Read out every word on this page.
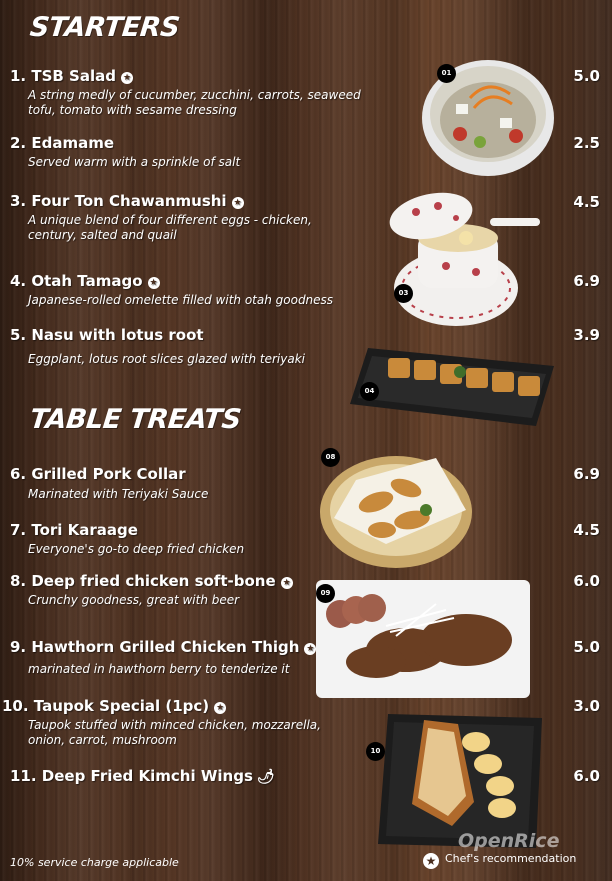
STARTERS
TABLE TREATS
1. TSB Salad ★
A string medly of cucumber, zucchini, carrots, seaweed
tofu, tomato with sesame dressing
5.0
2. Edamame
Served warm with a sprinkle of salt
2.5
3. Four Ton Chawanmushi ★
A unique blend of four different eggs - chicken,
century, salted and quail
4.5
4. Otah Tamago ★
Japanese-rolled omelette filled with otah goodness
6.9
5. Nasu with lotus root
Eggplant, lotus root slices glazed with teriyaki
3.9
6. Grilled Pork Collar
Marinated with Teriyaki Sauce
6.9
7. Tori Karaage
Everyone's go-to deep fried chicken
4.5
8. Deep fried chicken soft-bone ★
Crunchy goodness, great with beer
6.0
9. Hawthorn Grilled Chicken Thigh ★
marinated in hawthorn berry to tenderize it
5.0
10. Taupok Special (1pc) ★
Taupok stuffed with minced chicken, mozzarella,
onion, carrot, mushroom
3.0
11. Deep Fried Kimchi Wings 🌶︎	6.0
01
03
04
08
09
10
10% service charge applicable	★ Chef's recommendation
OpenRice
